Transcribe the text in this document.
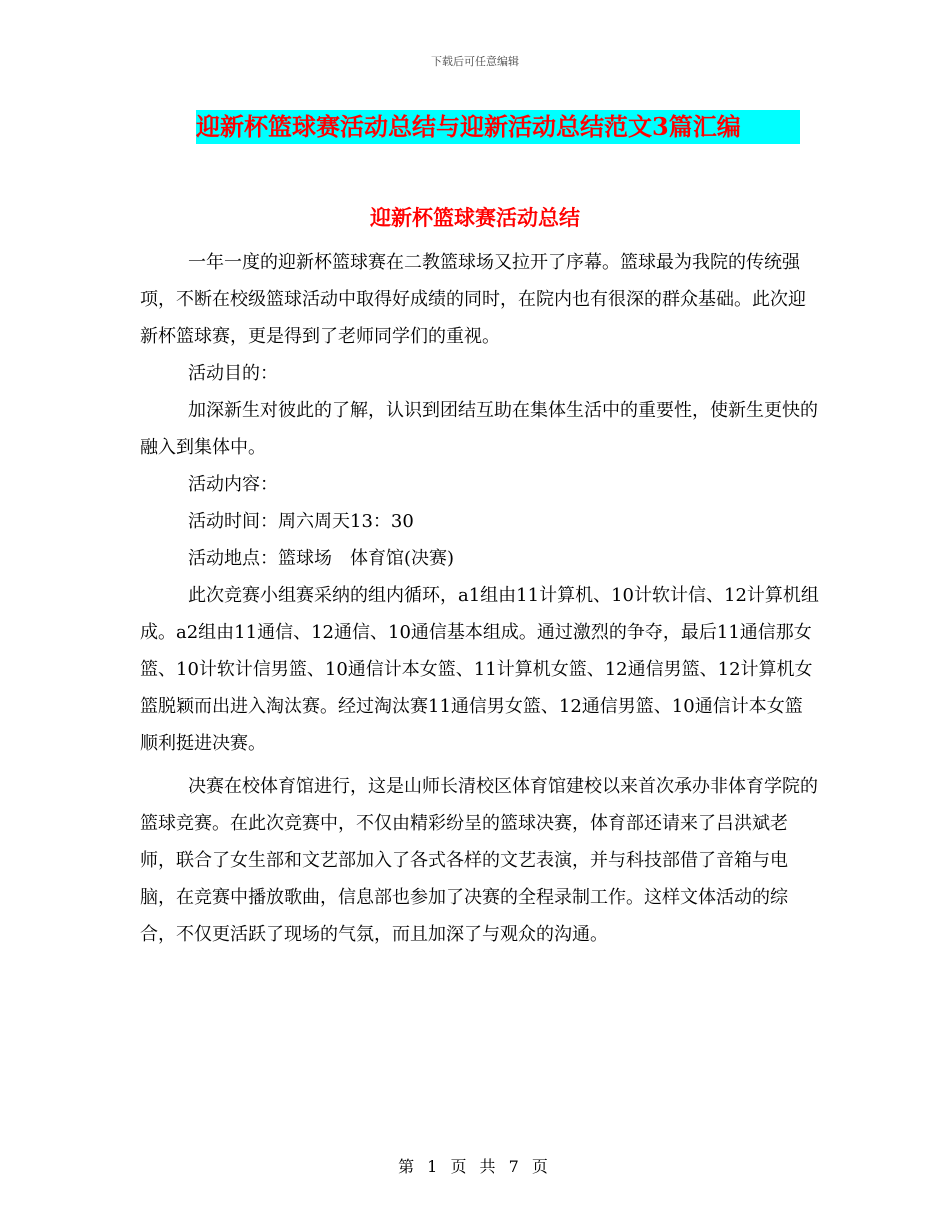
下载后可任意编辑
迎新杯篮球赛活动总结与迎新活动总结范文3篇汇编
迎新杯篮球赛活动总结

一年一度的迎新杯篮球赛在二教篮球场又拉开了序幕。篮球最为我院的传统强项，不断在校级篮球活动中取得好成绩的同时，在院内也有很深的群众基础。此次迎新杯篮球赛，更是得到了老师同学们的重视。

活动目的：

加深新生对彼此的了解，认识到团结互助在集体生活中的重要性，使新生更快的融入到集体中。

活动内容：

活动时间：周六周天13：30

活动地点：篮球场　体育馆(决赛)

此次竞赛小组赛采纳的组内循环，a1组由11计算机、10计软计信、12计算机组成。a2组由11通信、12通信、10通信基本组成。通过激烈的争夺，最后11通信那女篮、10计软计信男篮、10通信计本女篮、11计算机女篮、12通信男篮、12计算机女篮脱颖而出进入淘汰赛。经过淘汰赛11通信男女篮、12通信男篮、10通信计本女篮顺利挺进决赛。

决赛在校体育馆进行，这是山师长清校区体育馆建校以来首次承办非体育学院的篮球竞赛。在此次竞赛中，不仅由精彩纷呈的篮球决赛，体育部还请来了吕洪斌老师，联合了女生部和文艺部加入了各式各样的文艺表演，并与科技部借了音箱与电脑，在竞赛中播放歌曲，信息部也参加了决赛的全程录制工作。这样文体活动的综合，不仅更活跃了现场的气氛，而且加深了与观众的沟通。

第 1 页 共 7 页
